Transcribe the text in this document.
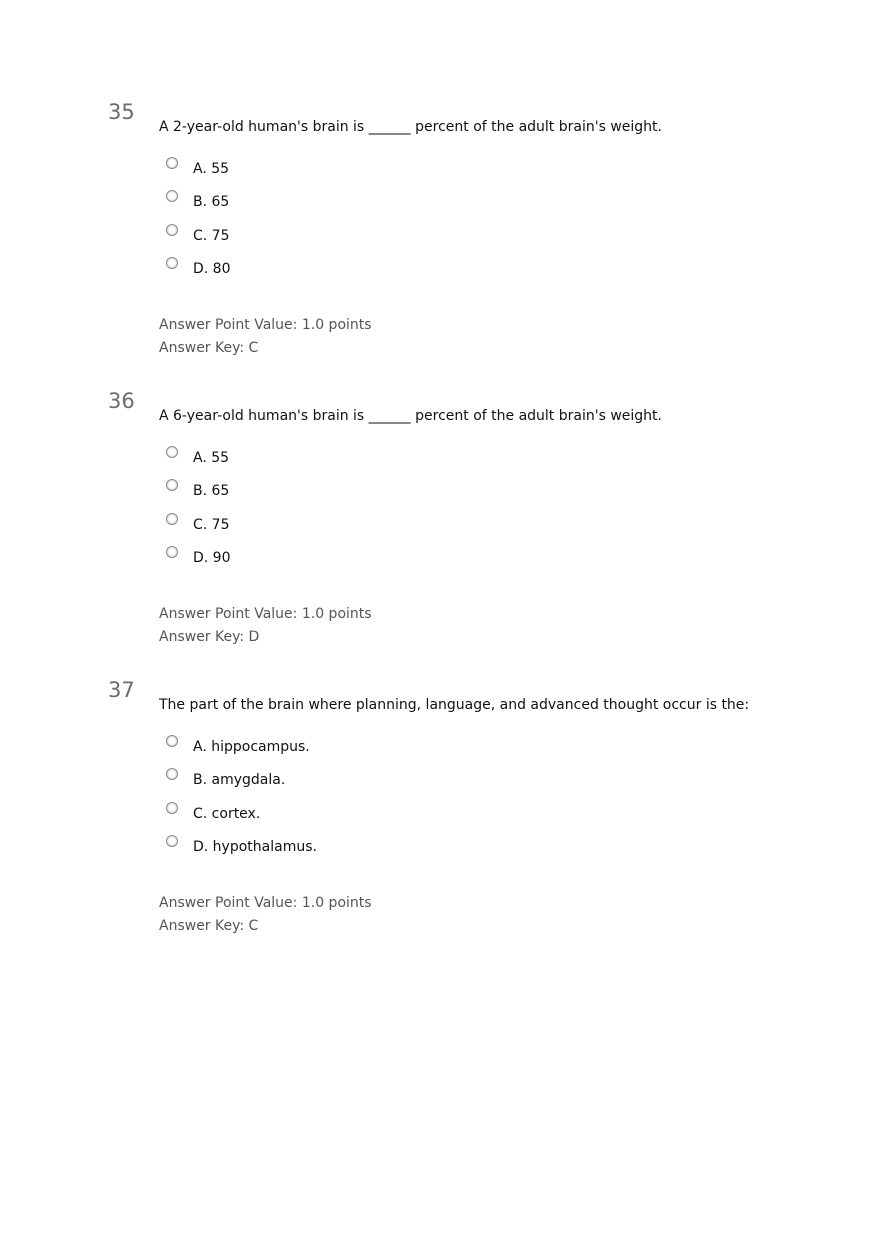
35
A 2-year-old human's brain is ______ percent of the adult brain's weight.
A. 55
B. 65
C. 75
D. 80
Answer Point Value: 1.0 points
Answer Key: C
36
A 6-year-old human's brain is ______ percent of the adult brain's weight.
A. 55
B. 65
C. 75
D. 90
Answer Point Value: 1.0 points
Answer Key: D
37
The part of the brain where planning, language, and advanced thought occur is the:
A. hippocampus.
B. amygdala.
C. cortex.
D. hypothalamus.
Answer Point Value: 1.0 points
Answer Key: C
